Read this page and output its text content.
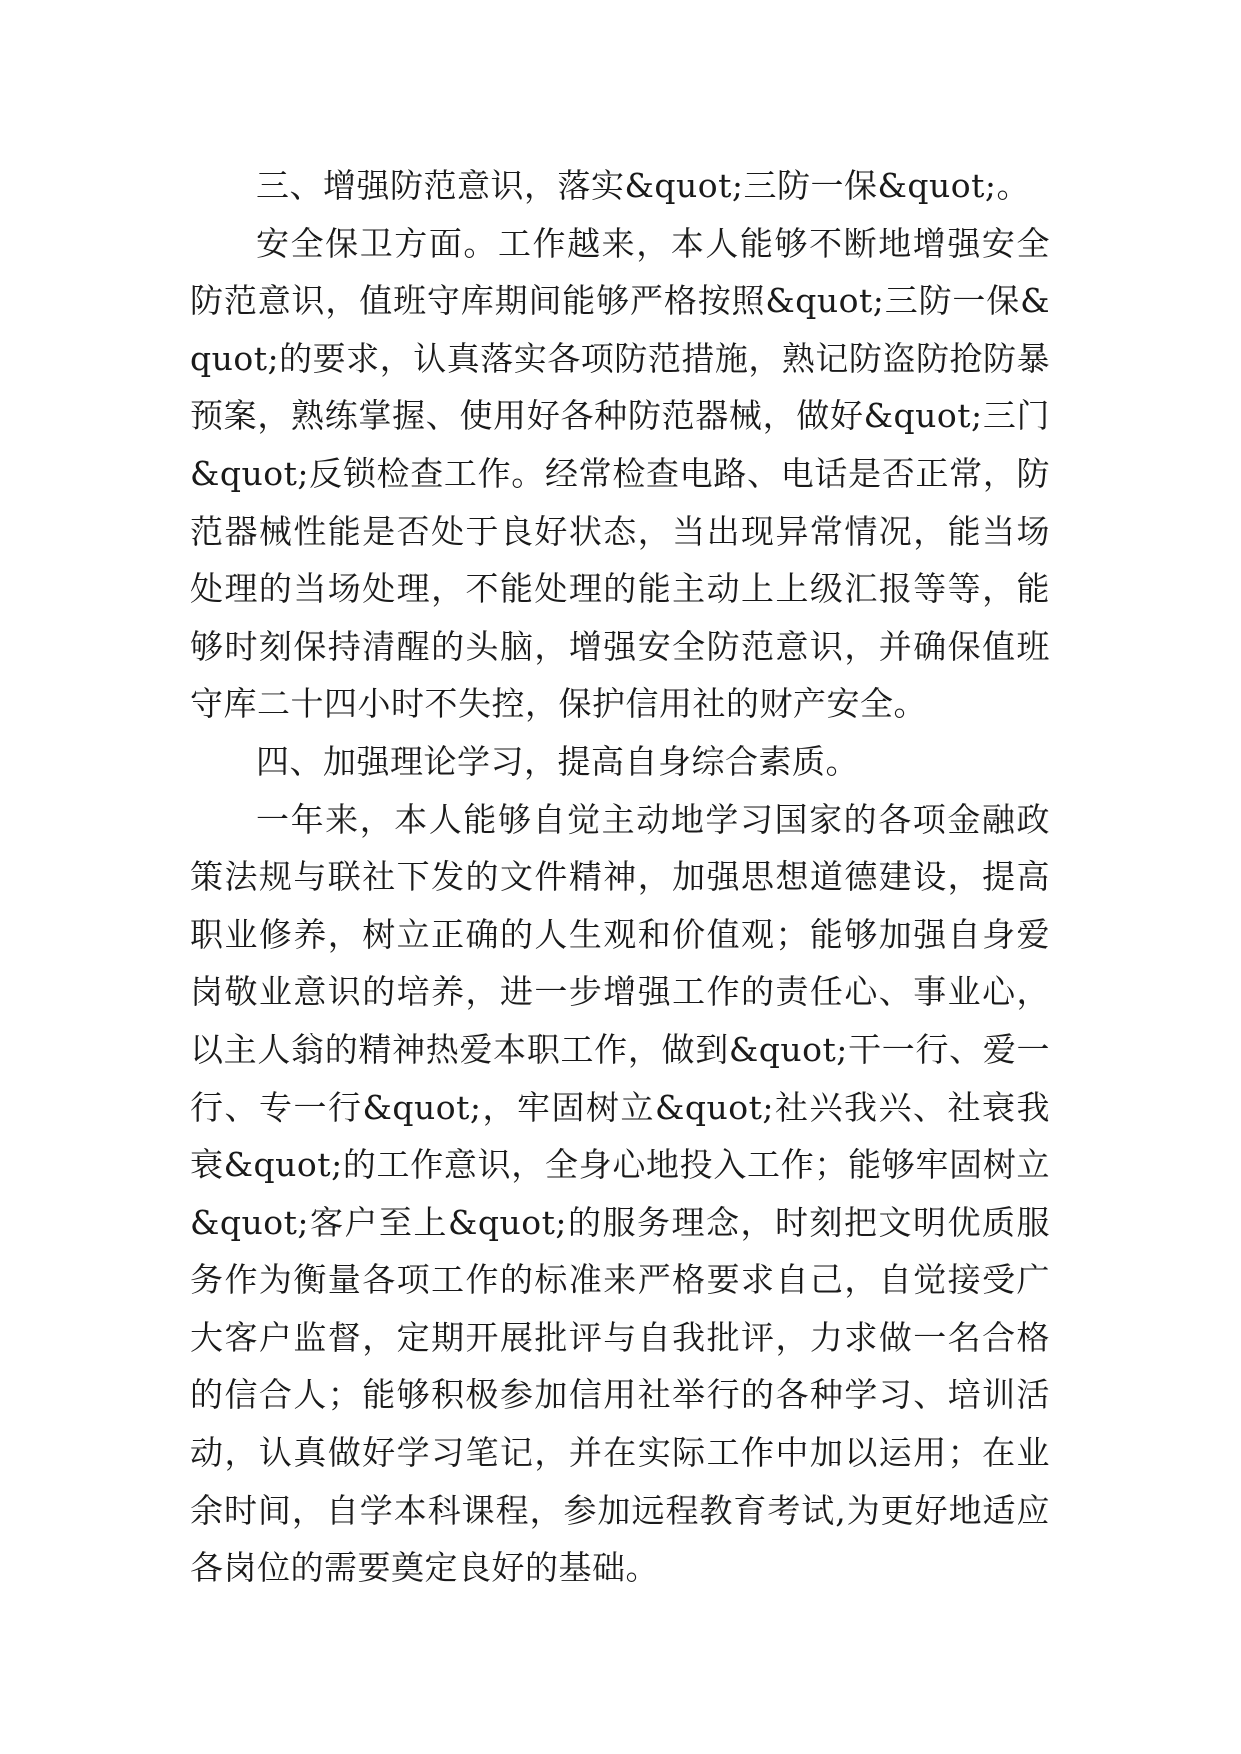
三、增强防范意识，落实&quot;三防一保&quot;。

安全保卫方面。工作越来，本人能够不断地增强安全防范意识，值班守库期间能够严格按照&quot;三防一保&quot;的要求，认真落实各项防范措施，熟记防盗防抢防暴预案，熟练掌握、使用好各种防范器械，做好&quot;三门&quot;反锁检查工作。经常检查电路、电话是否正常，防范器械性能是否处于良好状态，当出现异常情况，能当场处理的当场处理，不能处理的能主动上上级汇报等等，能够时刻保持清醒的头脑，增强安全防范意识，并确保值班守库二十四小时不失控，保护信用社的财产安全。

四、加强理论学习，提高自身综合素质。

一年来，本人能够自觉主动地学习国家的各项金融政策法规与联社下发的文件精神，加强思想道德建设，提高职业修养，树立正确的人生观和价值观；能够加强自身爱岗敬业意识的培养，进一步增强工作的责任心、事业心，以主人翁的精神热爱本职工作，做到&quot;干一行、爱一行、专一行&quot;，牢固树立&quot;社兴我兴、社衰我衰&quot;的工作意识，全身心地投入工作；能够牢固树立&quot;客户至上&quot;的服务理念，时刻把文明优质服务作为衡量各项工作的标准来严格要求自己，自觉接受广大客户监督，定期开展批评与自我批评，力求做一名合格的信合人；能够积极参加信用社举行的各种学习、培训活动，认真做好学习笔记，并在实际工作中加以运用；在业余时间，自学本科课程，参加远程教育考试,为更好地适应各岗位的需要奠定良好的基础。
